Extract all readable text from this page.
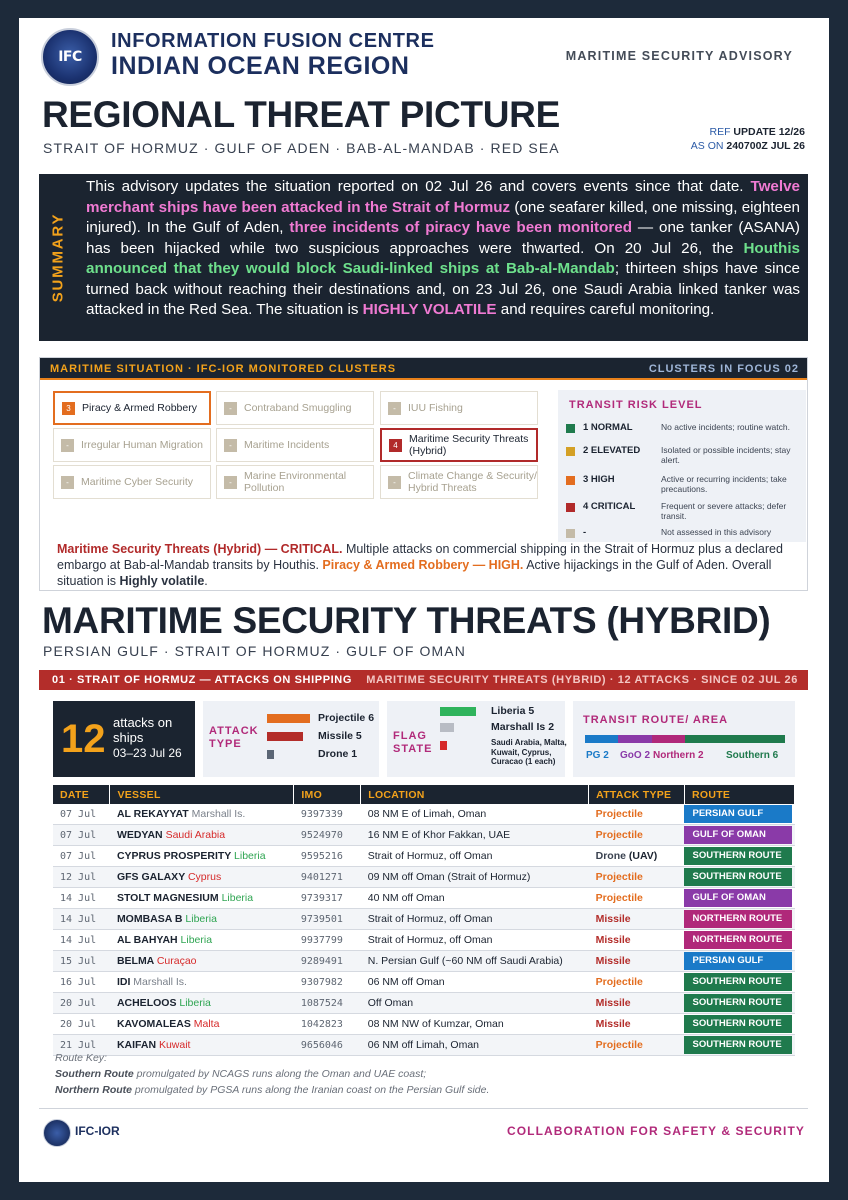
IFC
INFORMATION FUSION CENTRE
INDIAN OCEAN REGION	MARITIME SECURITY ADVISORY
REGIONAL THREAT PICTURE
STRAIT OF HORMUZ · GULF OF ADEN · BAB-AL-MANDAB · RED SEA
REF UPDATE 12/26
AS ON 240700Z JUL 26
SUMMARY
This advisory updates the situation reported on 02 Jul 26 and covers events since that date. Twelve merchant ships have been attacked in the Strait of Hormuz (one seafarer killed, one missing, eighteen injured). In the Gulf of Aden, three incidents of piracy have been monitored — one tanker (ASANA) has been hijacked while two suspicious approaches were thwarted. On 20 Jul 26, the Houthis announced that they would block Saudi-linked ships at Bab-al-Mandab; thirteen ships have since turned back without reaching their destinations and, on 23 Jul 26, one Saudi Arabia linked tanker was attacked in the Red Sea. The situation is HIGHLY VOLATILE and requires careful monitoring.
MARITIME SITUATION · IFC-IOR MONITORED CLUSTERS	CLUSTERS IN FOCUS 02
3	Piracy & Armed Robbery	-	Contraband Smuggling	-	IUU Fishing
-	Irregular Human Migration	-	Maritime Incidents	4	Maritime Security Threats (Hybrid)
-	Maritime Cyber Security	-	Marine Environmental Pollution	-	Climate Change & Security/ Hybrid Threats
TRANSIT RISK LEVEL
1 NORMAL	No active incidents; routine watch.
2 ELEVATED	Isolated or possible incidents; stay alert.
3 HIGH	Active or recurring incidents; take precautions.
4 CRITICAL	Frequent or severe attacks; defer transit.
-	Not assessed in this advisory
Maritime Security Threats (Hybrid) — CRITICAL. Multiple attacks on commercial shipping in the Strait of Hormuz plus a declared embargo at Bab-al-Mandab transits by Houthis. Piracy & Armed Robbery — HIGH. Active hijackings in the Gulf of Aden. Overall situation is Highly volatile.
MARITIME SECURITY THREATS (HYBRID)
PERSIAN GULF · STRAIT OF HORMUZ · GULF OF OMAN
01 · STRAIT OF HORMUZ — ATTACKS ON SHIPPING MARITIME SECURITY THREATS (HYBRID) · 12 ATTACKS · SINCE 02 JUL 26
12 attacks on ships
03–23 Jul 26
ATTACK
TYPE
Projectile 6
Missile 5
Drone 1
FLAG
STATE
Liberia 5
Marshall Is 2
Saudi Arabia, Malta, Kuwait, Cyprus, Curacao (1 each)
TRANSIT ROUTE/ AREA
PG 2 GoO 2 Northern 2 Southern 6
DATE	VESSEL	IMO	LOCATION	ATTACK TYPE	ROUTE
07 Jul	AL REKAYYAT Marshall Is.	9397339	08 NM E of Limah, Oman	Projectile	PERSIAN GULF

07 Jul	WEDYAN Saudi Arabia	9524970	16 NM E of Khor Fakkan, UAE	Projectile	GULF OF OMAN

07 Jul	CYPRUS PROSPERITY Liberia	9595216	Strait of Hormuz, off Oman	Drone (UAV)	SOUTHERN ROUTE

12 Jul	GFS GALAXY Cyprus	9401271	09 NM off Oman (Strait of Hormuz)	Projectile	SOUTHERN ROUTE

14 Jul	STOLT MAGNESIUM Liberia	9739317	40 NM off Oman	Projectile	GULF OF OMAN

14 Jul	MOMBASA B Liberia	9739501	Strait of Hormuz, off Oman	Missile	NORTHERN ROUTE

14 Jul	AL BAHYAH Liberia	9937799	Strait of Hormuz, off Oman	Missile	NORTHERN ROUTE

15 Jul	BELMA Curaçao	9289491	N. Persian Gulf (~60 NM off Saudi Arabia)	Missile	PERSIAN GULF

16 Jul	IDI Marshall Is.	9307982	06 NM off Oman	Projectile	SOUTHERN ROUTE

20 Jul	ACHELOOS Liberia	1087524	Off Oman	Missile	SOUTHERN ROUTE

20 Jul	KAVOMALEAS Malta	1042823	08 NM NW of Kumzar, Oman	Missile	SOUTHERN ROUTE

21 Jul	KAIFAN Kuwait	9656046	06 NM off Limah, Oman	Projectile	SOUTHERN ROUTE
Route Key:
Southern Route promulgated by NCAGS runs along the Oman and UAE coast;
Northern Route promulgated by PGSA runs along the Iranian coast on the Persian Gulf side.
IFC-IOR	COLLABORATION FOR SAFETY & SECURITY
